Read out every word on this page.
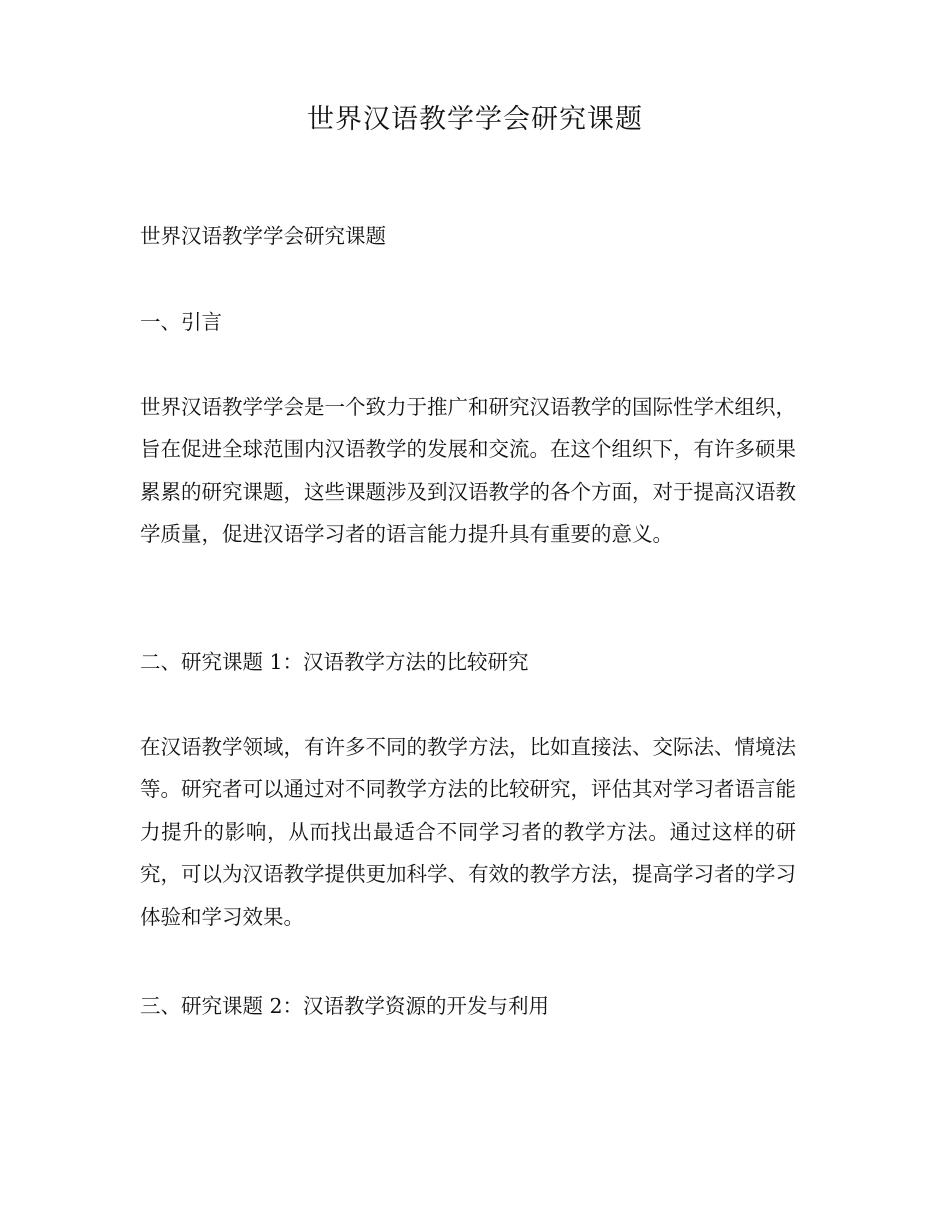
世界汉语教学学会研究课题

世界汉语教学学会研究课题

一、引言

世界汉语教学学会是一个致力于推广和研究汉语教学的国际性学术组织，旨在促进全球范围内汉语教学的发展和交流。在这个组织下，有许多硕果累累的研究课题，这些课题涉及到汉语教学的各个方面，对于提高汉语教学质量，促进汉语学习者的语言能力提升具有重要的意义。

二、研究课题 1：汉语教学方法的比较研究

在汉语教学领域，有许多不同的教学方法，比如直接法、交际法、情境法等。研究者可以通过对不同教学方法的比较研究，评估其对学习者语言能力提升的影响，从而找出最适合不同学习者的教学方法。通过这样的研究，可以为汉语教学提供更加科学、有效的教学方法，提高学习者的学习体验和学习效果。

三、研究课题 2：汉语教学资源的开发与利用
